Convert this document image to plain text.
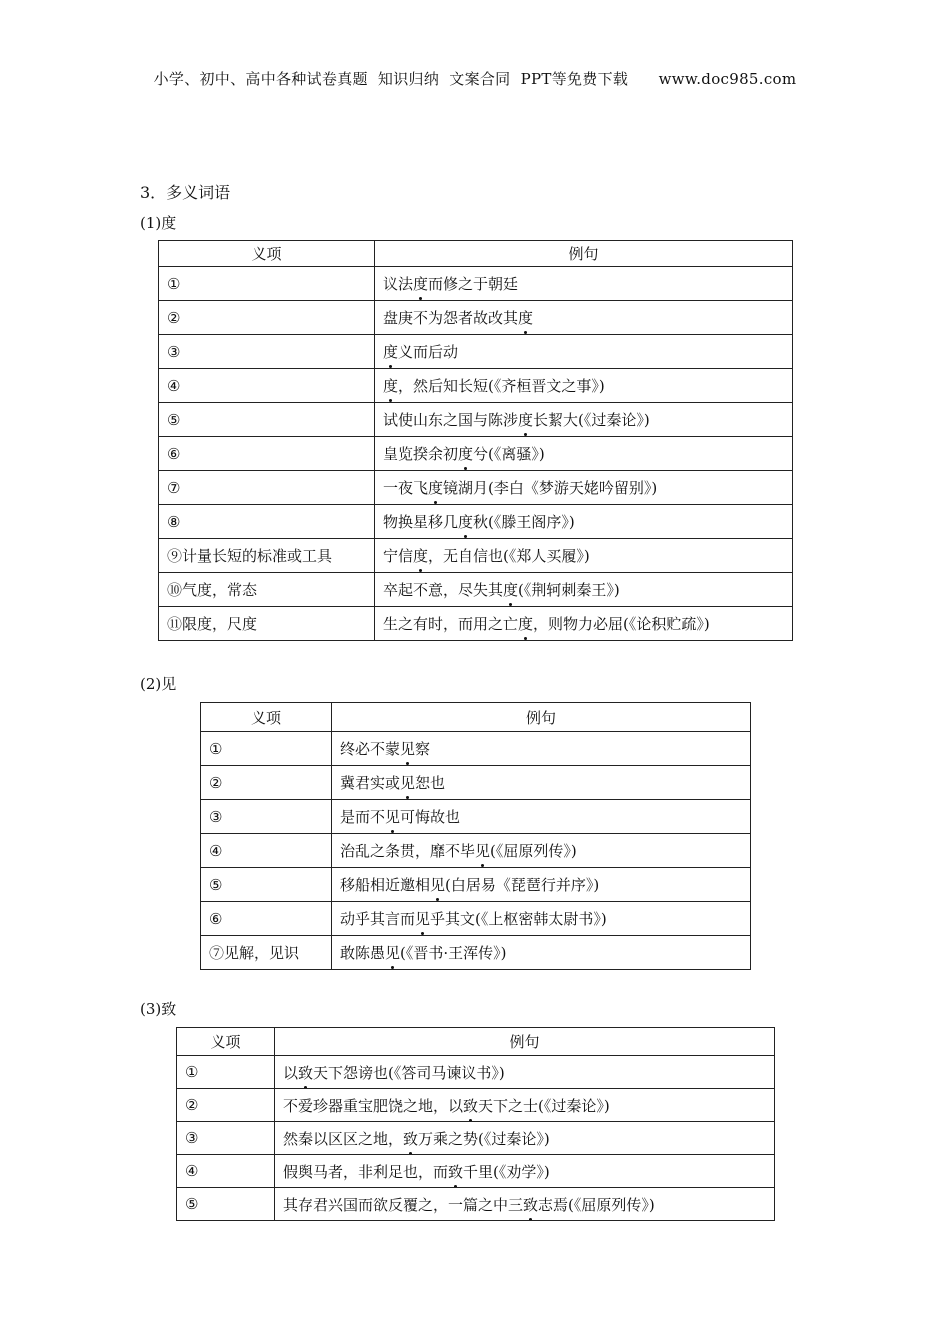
小学、初中、高中各种试卷真题  知识归纳  文案合同  PPT等免费下载      www.doc985.com
3．多义词语
(1)度
义项	例句
①	议法度而修之于朝廷
②	盘庚不为怨者故改其度
③	度义而后动
④	度，然后知长短(《齐桓晋文之事》)
⑤	试使山东之国与陈涉度长絜大(《过秦论》)
⑥	皇览揆余初度兮(《离骚》)
⑦	一夜飞度镜湖月(李白《梦游天姥吟留别》)
⑧	物换星移几度秋(《滕王阁序》)
⑨计量长短的标准或工具	宁信度，无自信也(《郑人买履》)
⑩气度，常态	卒起不意，尽失其度(《荆轲刺秦王》)
⑪限度，尺度	生之有时，而用之亡度，则物力必屈(《论积贮疏》)
(2)见
义项	例句
①	终必不蒙见察
②	冀君实或见恕也
③	是而不见可悔故也
④	治乱之条贯，靡不毕见(《屈原列传》)
⑤	移船相近邀相见(白居易《琵琶行并序》)
⑥	动乎其言而见乎其文(《上枢密韩太尉书》)
⑦见解，见识	敢陈愚见(《晋书·王浑传》)
(3)致
义项	例句
①	以致天下怨谤也(《答司马谏议书》)
②	不爱珍器重宝肥饶之地，以致天下之士(《过秦论》)
③	然秦以区区之地，致万乘之势(《过秦论》)
④	假舆马者，非利足也，而致千里(《劝学》)
⑤	其存君兴国而欲反覆之，一篇之中三致志焉(《屈原列传》)
